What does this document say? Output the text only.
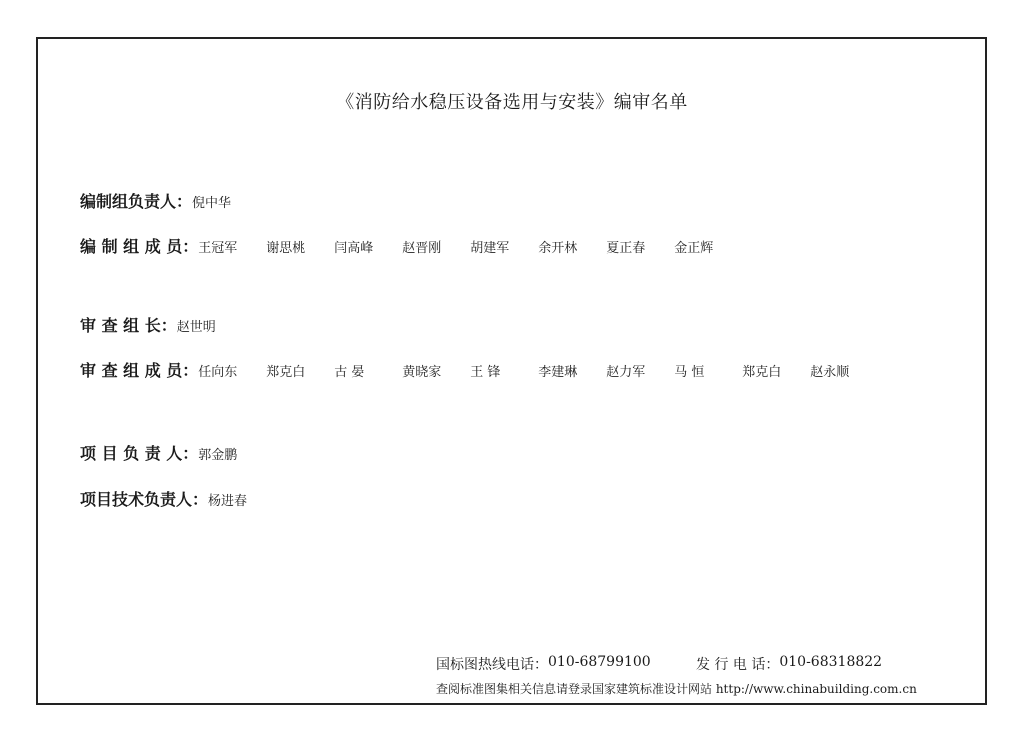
《消防给水稳压设备选用与安装》编审名单
编制组负责人： 倪中华
编 制 组 成 员： 王冠军	谢思桃	闫高峰	赵晋刚	胡建军	余开林	夏正春	金正辉
审 查 组 长： 赵世明
审 查 组 成 员： 任向东	郑克白	古 晏	黄晓家	王 锋	李建琳	赵力军	马 恒	郑克白	赵永顺
项 目 负 责 人： 郭金鹏
项目技术负责人： 杨进春
国标图热线电话： 010-68799100	发 行 电 话： 010-68318822
查阅标准图集相关信息请登录国家建筑标准设计网站 http://www.chinabuilding.com.cn
